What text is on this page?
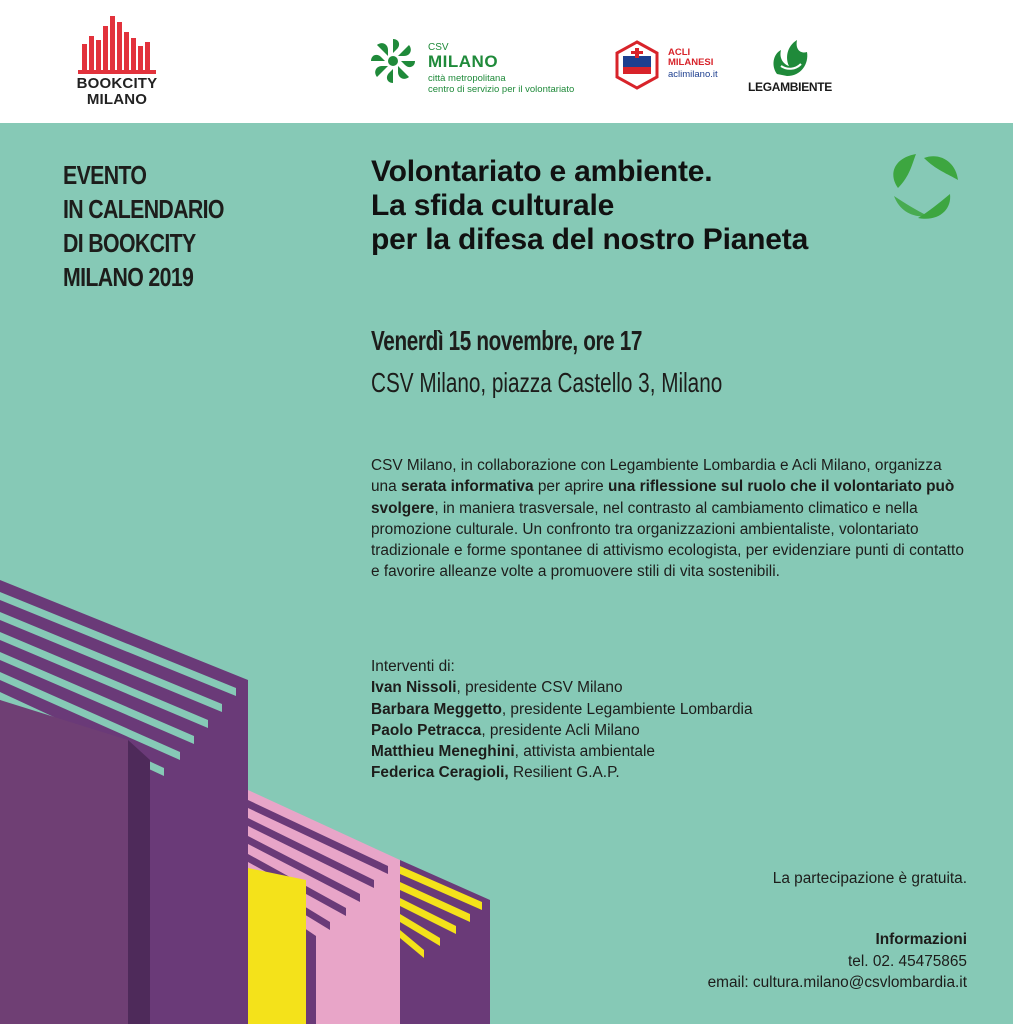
BOOKCITY
MILANO
CSV
MILANO
città metropolitana
centro di servizio per il volontariato
ACLI
MILANESI
aclimilano.it
LEGAMBIENTE
EVENTO
IN CALENDARIO
DI BOOKCITY
MILANO 2019
Volontariato e ambiente.
La sfida culturale
per la difesa del nostro Pianeta
Venerdì 15 novembre, ore 17
CSV Milano, piazza Castello 3, Milano
CSV Milano, in collaborazione con Legambiente Lombardia e Acli Milano, organizza una serata informativa per aprire una riflessione sul ruolo che il volontariato può svolgere, in maniera trasversale, nel contrasto al cambiamento climatico e nella promozione culturale. Un confronto tra organizzazioni ambientaliste, volontariato tradizionale e forme spontanee di attivismo ecologista, per evidenziare punti di contatto e favorire alleanze volte a promuovere stili di vita sostenibili.
Interventi di:
Ivan Nissoli, presidente CSV Milano
Barbara Meggetto, presidente Legambiente Lombardia
Paolo Petracca, presidente Acli Milano
Matthieu Meneghini, attivista ambientale
Federica Ceragioli, Resilient G.A.P.
La partecipazione è gratuita.
Informazioni
tel. 02. 45475865
email: cultura.milano@csvlombardia.it
